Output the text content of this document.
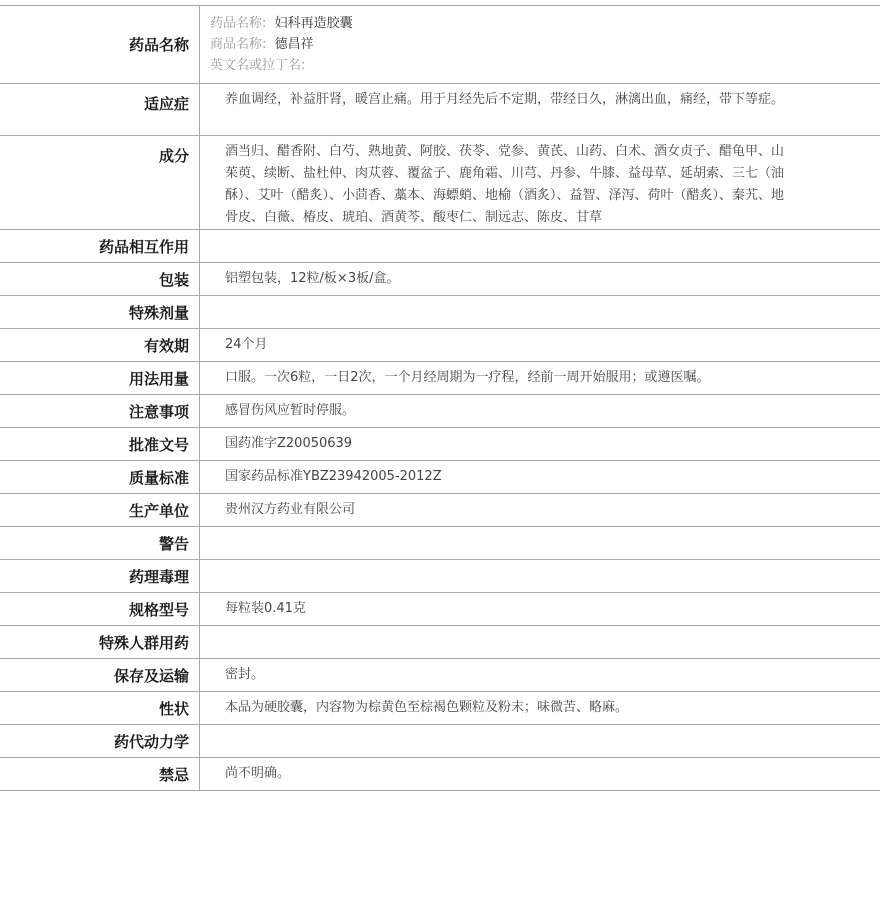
药品名称
药品名称: 妇科再造胶囊
商品名称: 德昌祥
英文名或拉丁名:
适应症	养血调经，补益肝肾，暖宫止痛。用于月经先后不定期，带经日久，淋漓出血，痛经，带下等症。
成分	酒当归、醋香附、白芍、熟地黄、阿胶、茯苓、党参、黄芪、山药、白术、酒女贞子、醋龟甲、山茱萸、续断、盐杜仲、肉苁蓉、覆盆子、鹿角霜、川芎、丹参、牛膝、益母草、延胡索、三七（油酥）、艾叶（醋炙）、小茴香、藁本、海螵蛸、地榆（酒炙）、益智、泽泻、荷叶（醋炙）、秦艽、地骨皮、白薇、椿皮、琥珀、酒黄芩、酸枣仁、制远志、陈皮、甘草
药品相互作用
包装	铝塑包装，12粒/板×3板/盒。
特殊剂量
有效期	24个月
用法用量	口服。一次6粒，一日2次，一个月经周期为一疗程，经前一周开始服用；或遵医嘱。
注意事项	感冒伤风应暂时停服。
批准文号	国药准字Z20050639
质量标准	国家药品标准YBZ23942005-2012Z
生产单位	贵州汉方药业有限公司
警告
药理毒理
规格型号	每粒装0.41克
特殊人群用药
保存及运输	密封。
性状	本品为硬胶囊，内容物为棕黄色至棕褐色颗粒及粉末；味微苦、略麻。
药代动力学
禁忌	尚不明确。
